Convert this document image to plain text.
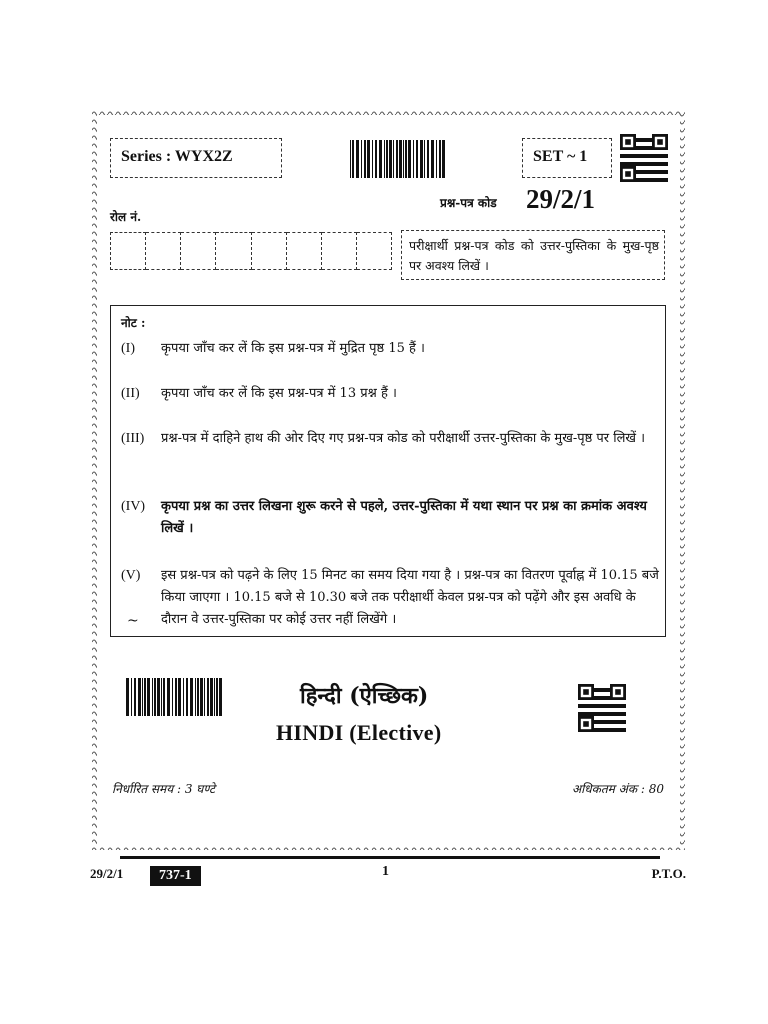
Series : WYX2Z	SET ~ 1
प्रश्न-पत्र कोड 29/2/1
रोल नं.
परीक्षार्थी प्रश्न-पत्र कोड को उत्तर-पुस्तिका के मुख-पृष्ठ पर अवश्य लिखें ।
नोट :
(I) कृपया जाँच कर लें कि इस प्रश्न-पत्र में मुद्रित पृष्ठ 15 हैं ।
(II) कृपया जाँच कर लें कि इस प्रश्न-पत्र में 13 प्रश्न हैं ।
(III) प्रश्न-पत्र में दाहिने हाथ की ओर दिए गए प्रश्न-पत्र कोड को परीक्षार्थी उत्तर-पुस्तिका के मुख-पृष्ठ पर लिखें ।
(IV) कृपया प्रश्न का उत्तर लिखना शुरू करने से पहले, उत्तर-पुस्तिका में यथा स्थान पर प्रश्न का क्रमांक अवश्य लिखें ।
(V) इस प्रश्न-पत्र को पढ़ने के लिए 15 मिनट का समय दिया गया है । प्रश्न-पत्र का वितरण पूर्वाह्न में 10.15 बजे किया जाएगा । 10.15 बजे से 10.30 बजे तक परीक्षार्थी केवल प्रश्न-पत्र को पढ़ेंगे और इस अवधि के दौरान वे उत्तर-पुस्तिका पर कोई उत्तर नहीं लिखेंगे ।
~
हिन्दी (ऐच्छिक)
HINDI (Elective)
निर्धारित समय : 3 घण्टे	अधिकतम अंक : 80
29/2/1	737-1	1	P.T.O.
